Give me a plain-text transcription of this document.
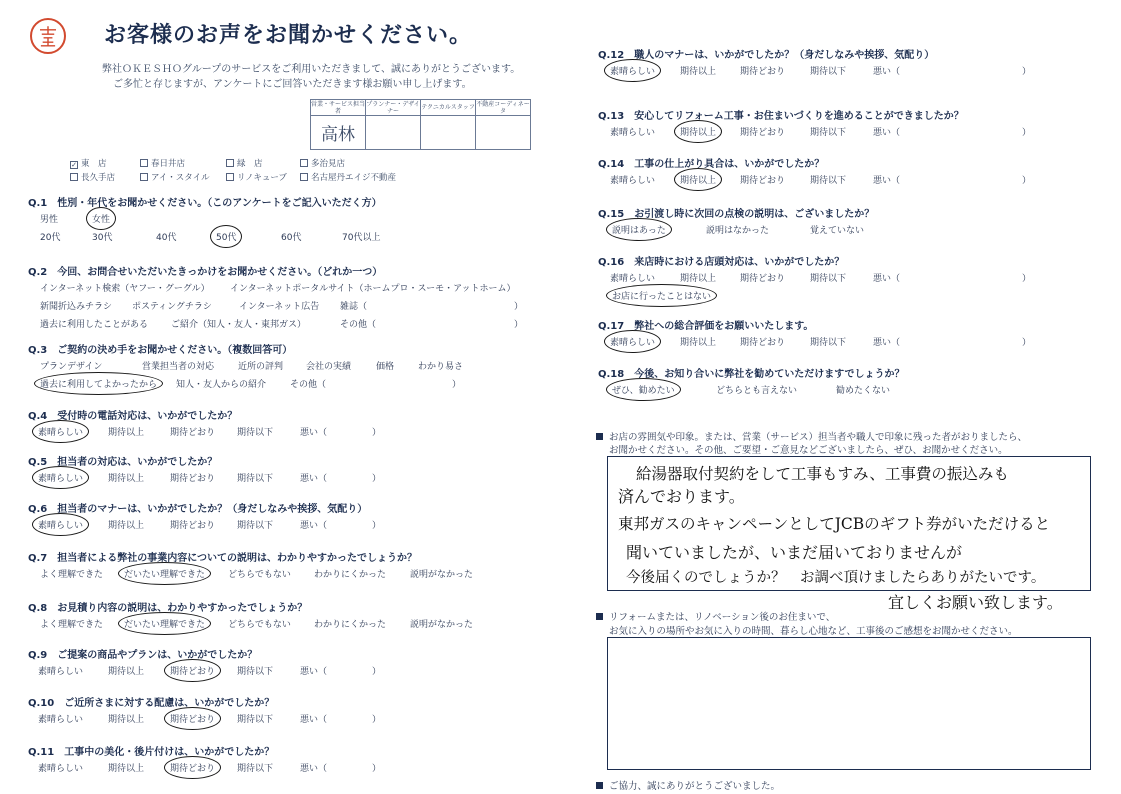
お客様のお声をお聞かせください。
弊社ＯＫＥＳＨＯグループのサービスをご利用いただきまして、誠にありがとうございます。
ご多忙と存じますが、アンケートにご回答いただきます様お願い申し上げます。
営業・サービス担当者	プランナー・デザイナー	テクニカルスタッフ	不動産コーディネータ
高林			
✓ 東　店	春日井店	緑　店	多治見店
長久手店	アイ・スタイル	リノキューブ	名古屋丹エイジ不動産
Q.1　性別・年代をお聞かせください。（このアンケートをご記入いただく方）
男性	女性
20代	30代	40代	50代	60代	70代以上
Q.2　今回、お問合せいただいたきっかけをお聞かせください。（どれか一つ）
インターネット検索（ヤフー・グーグル） インターネットポータルサイト（ホームプロ・スーモ・アットホーム）
新聞折込みチラシ ポスティングチラシ	インターネット広告 雑誌（	）
過去に利用したことがある	ご紹介（知人・友人・東邦ガス）	その他（	）
Q.3　ご契約の決め手をお聞かせください。（複数回答可）
プランデザイン	営業担当者の対応	近所の評判	会社の実績	価格	わかり易さ
過去に利用してよかったから 知人・友人からの紹介	その他（	）
Q.4　受付時の電話対応は、いかがでしたか？
素晴らしい	期待以上	期待どおり 期待以下	悪い（	）
Q.5　担当者の対応は、いかがでしたか？
素晴らしい	期待以上	期待どおり 期待以下	悪い（	）
Q.6　担当者のマナーは、いかがでしたか？（身だしなみや挨拶、気配り）
素晴らしい	期待以上	期待どおり 期待以下	悪い（	）
Q.7　担当者による弊社の事業内容についての説明は、わかりやすかったでしょうか？
よく理解できた だいたい理解できた	どちらでもない	わかりにくかった	説明がなかった
Q.8　お見積り内容の説明は、わかりやすかったでしょうか？
よく理解できた だいたい理解できた	どちらでもない	わかりにくかった	説明がなかった
Q.9　ご提案の商品やプランは、いかがでしたか？
素晴らしい	期待以上	期待どおり 期待以下	悪い（	）
Q.10　ご近所さまに対する配慮は、いかがでしたか？
素晴らしい	期待以上	期待どおり 期待以下	悪い（	）
Q.11　工事中の美化・後片付けは、いかがでしたか？
素晴らしい	期待以上	期待どおり 期待以下	悪い（	）
Q.12　職人のマナーは、いかがでしたか？（身だしなみや挨拶、気配り）
素晴らしい	期待以上	期待どおり	期待以下	悪い（	）
Q.13　安心してリフォーム工事・お住まいづくりを進めることができましたか？
素晴らしい	期待以上	期待どおり	期待以下	悪い（	）
Q.14　工事の仕上がり具合は、いかがでしたか？
素晴らしい	期待以上	期待どおり	期待以下	悪い（	）
Q.15　お引渡し時に次回の点検の説明は、ございましたか？
説明はあった	説明はなかった	覚えていない
Q.16　来店時における店頭対応は、いかがでしたか？
素晴らしい	期待以上	期待どおり	期待以下	悪い（	）
お店に行ったことはない
Q.17　弊社への総合評価をお願いいたします。
素晴らしい	期待以上	期待どおり	期待以下	悪い（	）
Q.18　今後、お知り合いに弊社を勧めていただけますでしょうか？
ぜひ、勧めたい	どちらとも言えない	勧めたくない
お店の雰囲気や印象。または、営業（サービス）担当者や職人で印象に残った者がおりましたら、
お聞かせください。その他、ご要望・ご意見などございましたら、ぜひ、お聞かせください。
給湯器取付契約をして工事もすみ、工事費の振込みも
済んでおります。
東邦ガスのキャンペーンとしてJCBのギフト券がいただけると
聞いていましたが、いまだ届いておりませんが
今後届くのでしょうか？　お調べ頂けましたらありがたいです。
宜しくお願い致します。
リフォームまたは、リノベーション後のお住まいで、
お気に入りの場所やお気に入りの時間、暮らし心地など、工事後のご感想をお聞かせください。
ご協力、誠にありがとうございました。
